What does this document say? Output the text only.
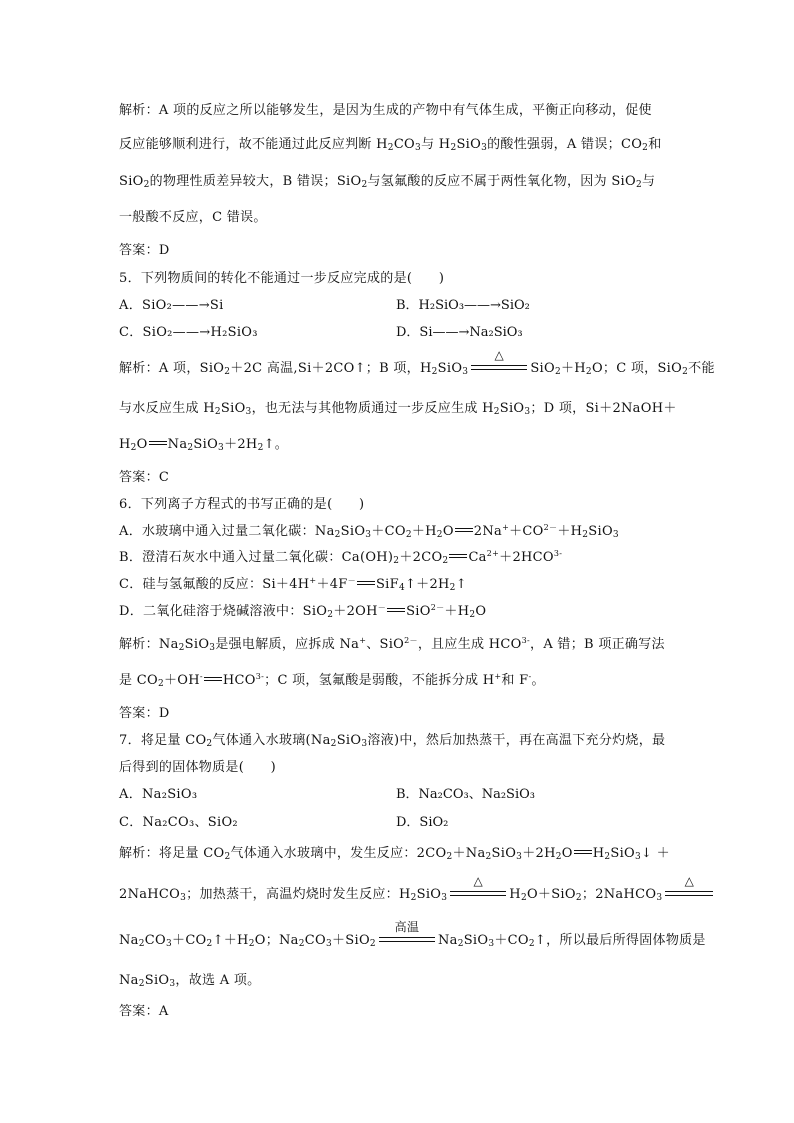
解析：A 项的反应之所以能够发生，是因为生成的产物中有气体生成，平衡正向移动，促使
反应能够顺利进行，故不能通过此反应判断 $H_2CO_3$与 $H_2SiO_3$的酸性强弱，A 错误；$CO_2$和
SiO$_2$的物理性质差异较大，B 错误；SiO$_2$与氢氟酸的反应不属于两性氧化物，因为 SiO$_2$与
一般酸不反应，C 错误。
答案：D
5．下列物质间的转化不能通过一步反应完成的是(　　)
A．SiO₂——→Si	B．H₂SiO₃——→SiO₂
C．SiO₂——→H₂SiO₃	D．Si——→Na₂SiO₃
解析：A 项，SiO$_2$＋2C 高温,Si＋2CO↑；B 项，$H_2SiO_3$
△
$SiO_2+H_2O$；C 项，SiO$_2$不能
与水反应生成 $H_2SiO_3$，也无法与其他物质通过一步反应生成 $H_2SiO_3$；D 项，Si＋2NaOH＋
$H_2O$ $Na_2SiO_3+2H_2↑$。
答案：C
6．下列离子方程式的书写正确的是(　　)
A．水玻璃中通入过量二氧化碳：$Na_2SiO_3+CO_2+H_2O$ $2Na^++CO^{2-}+H_2SiO_3$
B．澄清石灰水中通入过量二氧化碳：$Ca(OH)_2+2CO_2$ $Ca^{2+}+2HCO^{3-}$
C．硅与氢氟酸的反应：Si＋4H+＋4F－ $SiF_4↑+2H_2↑$
D．二氧化硅溶于烧碱溶液中：SiO$_2$＋2OH－ $SiO^{2-}+H_2O$
解析：$Na_2SiO_3$是强电解质，应拆成 Na+、SiO$^{2-}$，且应生成 $HCO^{3-}$，A 错；B 项正确写法
是 $CO_2+OH^-$ $HCO^{3-}$；C 项，氢氟酸是弱酸，不能拆分成 H+和 F-。
答案：D
7．将足量 $CO_2$气体通入水玻璃($Na_2SiO_3$溶液)中，然后加热蒸干，再在高温下充分灼烧，最
后得到的固体物质是(　　)
A．Na₂SiO₃	B．Na₂CO₃、Na₂SiO₃
C．Na₂CO₃、SiO₂	D．SiO₂
解析：将足量 $CO_2$气体通入水玻璃中，发生反应：$2CO_2+Na_2SiO_3+2H_2O$ $H_2SiO_3↓$ ＋
2NaHCO$_3$；加热蒸干，高温灼烧时发生反应：$H_2SiO_3$
△
$H_2O+SiO_2$；2NaHCO$_3$
△
$Na_2CO_3+CO_2↑+H_2O$；$Na_2CO_3+SiO_2$
高温
$Na_2SiO_3+CO_2↑$，所以最后所得固体物质是
$Na_2SiO_3$，故选 A 项。
答案：A
